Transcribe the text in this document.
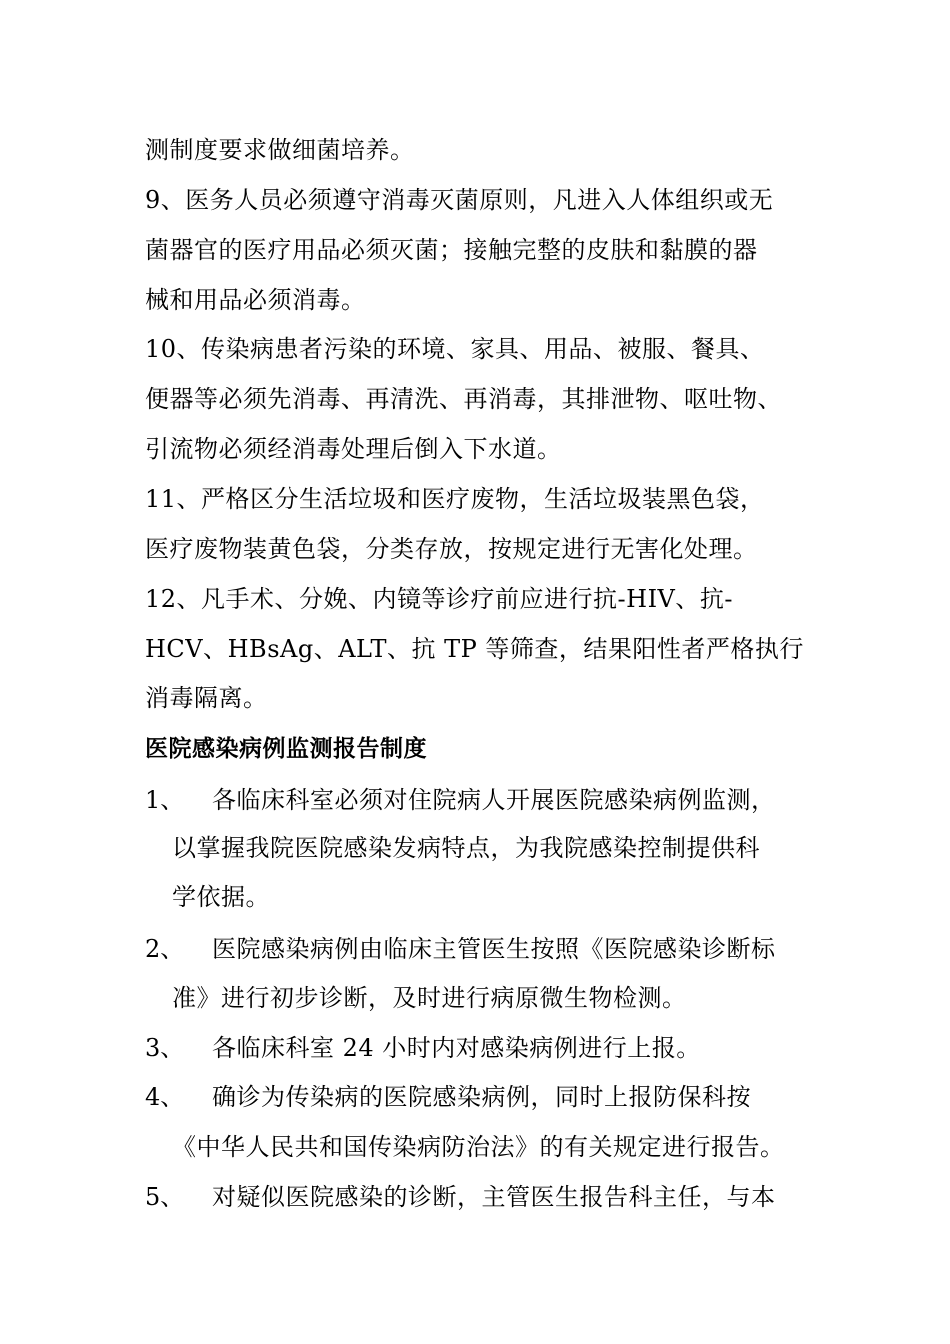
测制度要求做细菌培养。
9、医务人员必须遵守消毒灭菌原则，凡进入人体组织或无
菌器官的医疗用品必须灭菌；接触完整的皮肤和黏膜的器
械和用品必须消毒。
10、传染病患者污染的环境、家具、用品、被服、餐具、
便器等必须先消毒、再清洗、再消毒，其排泄物、呕吐物、
引流物必须经消毒处理后倒入下水道。
11、严格区分生活垃圾和医疗废物，生活垃圾装黑色袋，
医疗废物装黄色袋，分类存放，按规定进行无害化处理。
12、凡手术、分娩、内镜等诊疗前应进行抗-HIV、抗-
HCV、HBsAg、ALT、抗 TP 等筛查，结果阳性者严格执行
消毒隔离。
医院感染病例监测报告制度
1、 各临床科室必须对住院病人开展医院感染病例监测，
以掌握我院医院感染发病特点，为我院感染控制提供科
学依据。
2、 医院感染病例由临床主管医生按照《医院感染诊断标
准》进行初步诊断，及时进行病原微生物检测。
3、 各临床科室 24 小时内对感染病例进行上报。
4、 确诊为传染病的医院感染病例，同时上报防保科按
《中华人民共和国传染病防治法》的有关规定进行报告。
5、 对疑似医院感染的诊断，主管医生报告科主任，与本
